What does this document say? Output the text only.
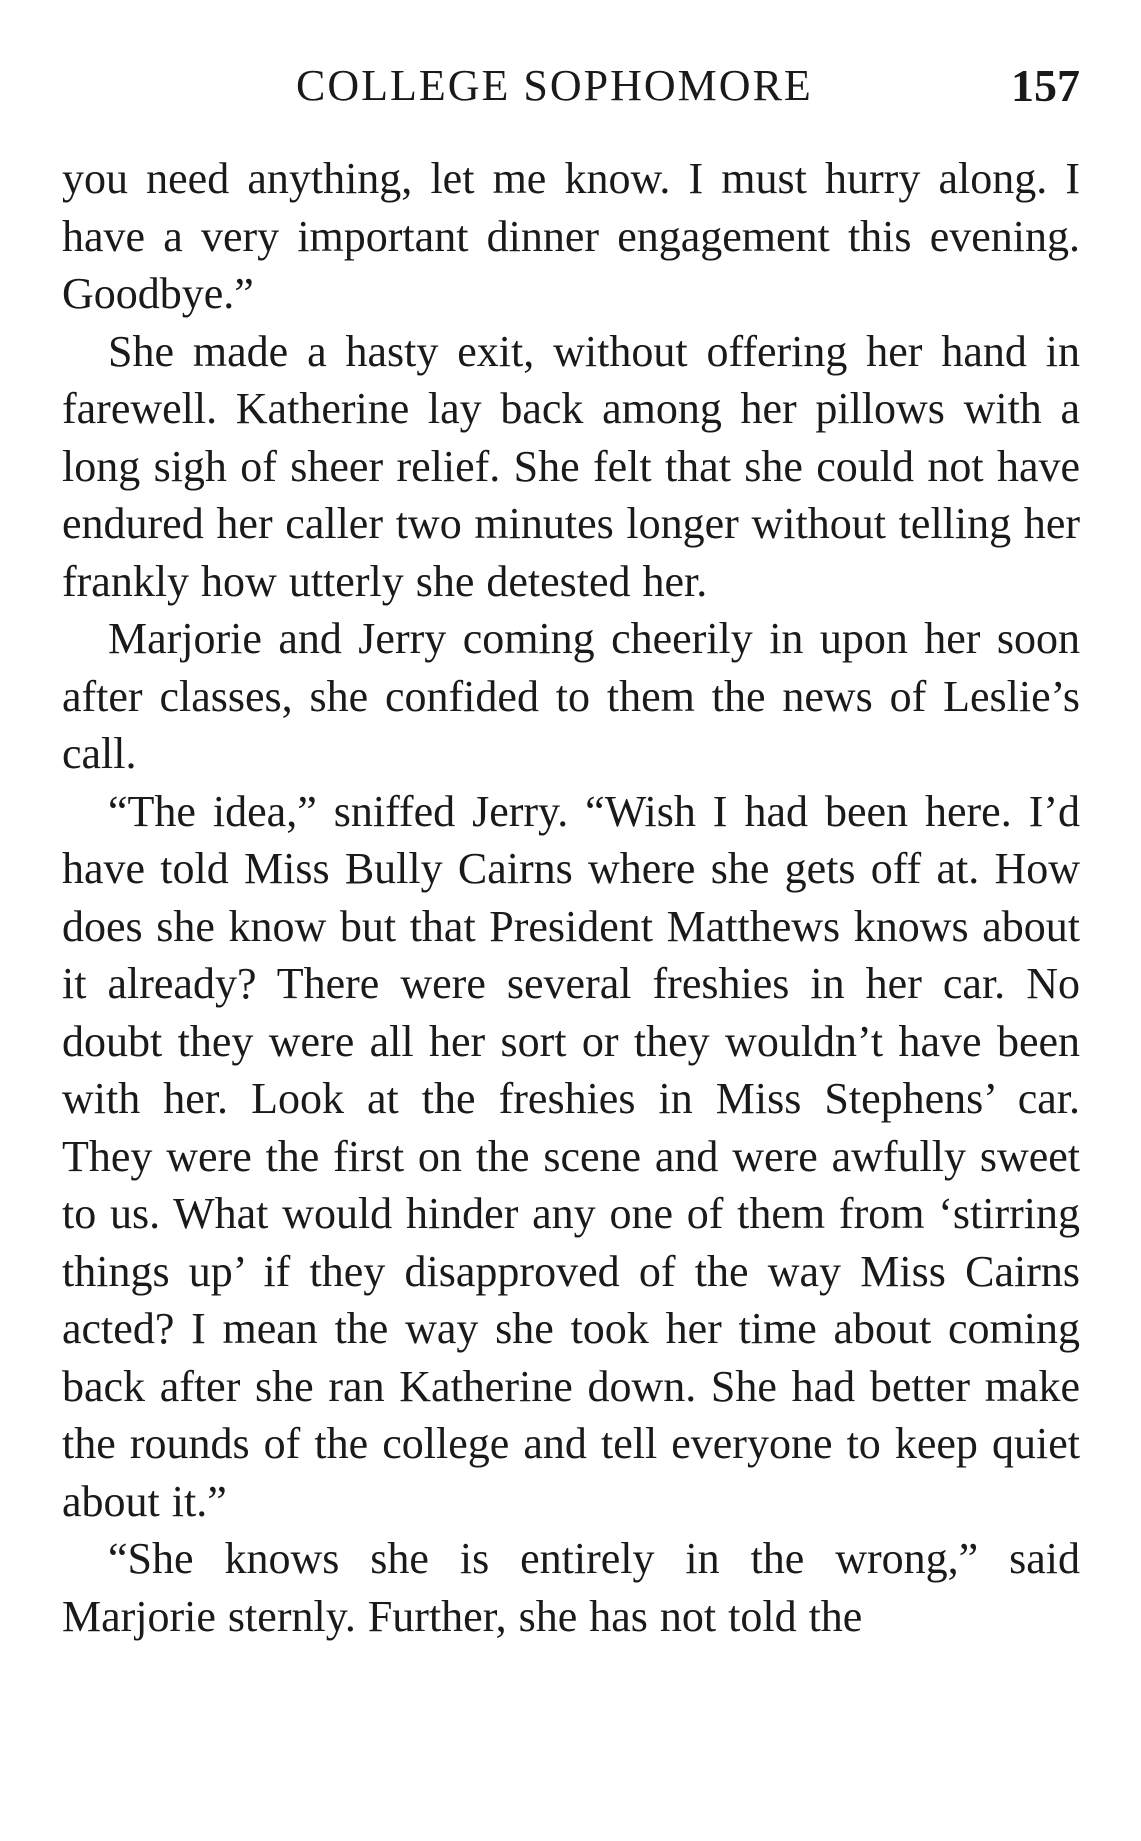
COLLEGE SOPHOMORE	157

you need anything, let me know. I must hurry along. I have a very important dinner engagement this evening. Goodbye.”

She made a hasty exit, without offering her hand in farewell. Katherine lay back among her pillows with a long sigh of sheer relief. She felt that she could not have endured her caller two minutes longer without telling her frankly how utterly she detested her.

Marjorie and Jerry coming cheerily in upon her soon after classes, she confided to them the news of Leslie’s call.

“The idea,” sniffed Jerry. “Wish I had been here. I’d have told Miss Bully Cairns where she gets off at. How does she know but that President Matthews knows about it already? There were several freshies in her car. No doubt they were all her sort or they wouldn’t have been with her. Look at the freshies in Miss Stephens’ car. They were the first on the scene and were awfully sweet to us. What would hinder any one of them from ‘stirring things up’ if they disapproved of the way Miss Cairns acted? I mean the way she took her time about coming back after she ran Katherine down. She had better make the rounds of the college and tell everyone to keep quiet about it.”

“She knows she is entirely in the wrong,” said Marjorie sternly. Further, she has not told the
